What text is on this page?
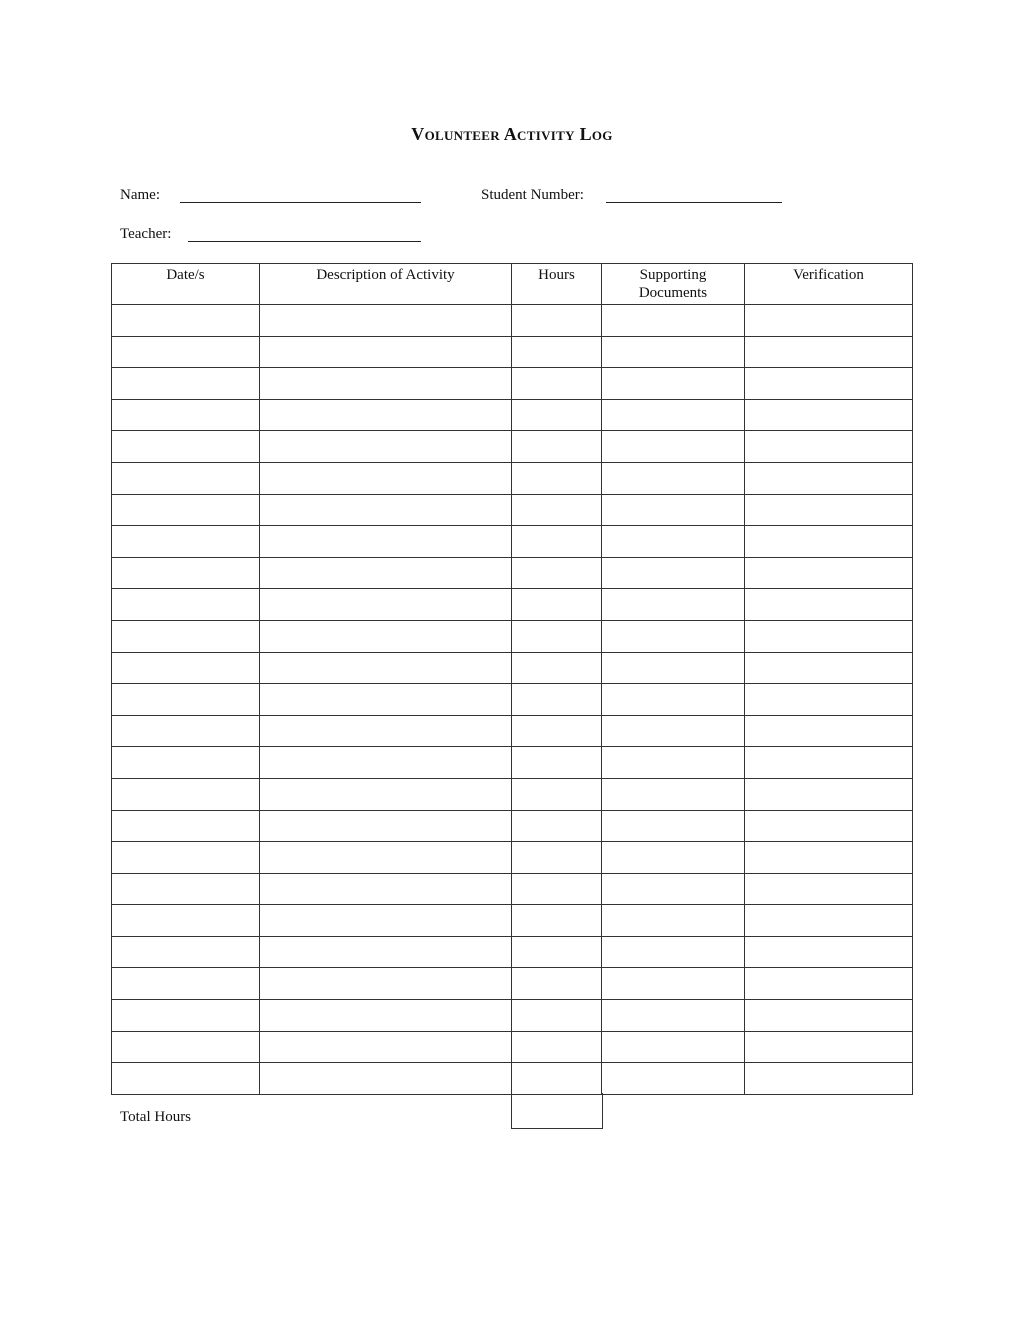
Volunteer Activity Log
Name:	Student Number:
Teacher:
Date/s	Description of Activity	Hours	Supporting Documents	Verification

Total Hours
